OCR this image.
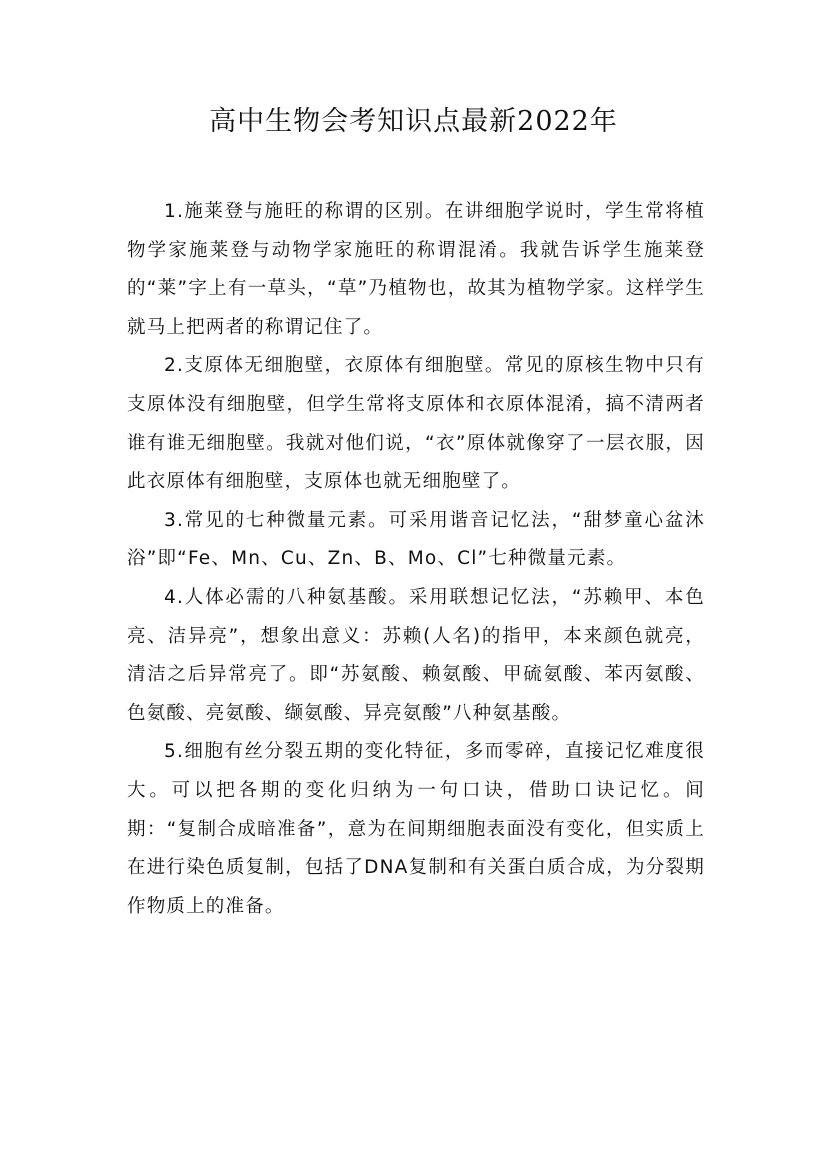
高中生物会考知识点最新2022年

1.施莱登与施旺的称谓的区别。在讲细胞学说时，学生常将植物学家施莱登与动物学家施旺的称谓混淆。我就告诉学生施莱登的“莱”字上有一草头，“草”乃植物也，故其为植物学家。这样学生就马上把两者的称谓记住了。

2.支原体无细胞壁，衣原体有细胞壁。常见的原核生物中只有支原体没有细胞壁，但学生常将支原体和衣原体混淆，搞不清两者谁有谁无细胞壁。我就对他们说，“衣”原体就像穿了一层衣服，因此衣原体有细胞壁，支原体也就无细胞壁了。

3.常见的七种微量元素。可采用谐音记忆法，“甜梦童心盆沐浴”即“Fe、Mn、Cu、Zn、B、Mo、Cl”七种微量元素。

4.人体必需的八种氨基酸。采用联想记忆法，“苏赖甲、本色亮、洁异亮”，想象出意义：苏赖(人名)的指甲，本来颜色就亮，清洁之后异常亮了。即“苏氨酸、赖氨酸、甲硫氨酸、苯丙氨酸、色氨酸、亮氨酸、缬氨酸、异亮氨酸”八种氨基酸。

5.细胞有丝分裂五期的变化特征，多而零碎，直接记忆难度很大。可以把各期的变化归纳为一句口诀，借助口诀记忆。间期：“复制合成暗准备”，意为在间期细胞表面没有变化，但实质上在进行染色质复制，包括了DNA复制和有关蛋白质合成，为分裂期作物质上的准备。
